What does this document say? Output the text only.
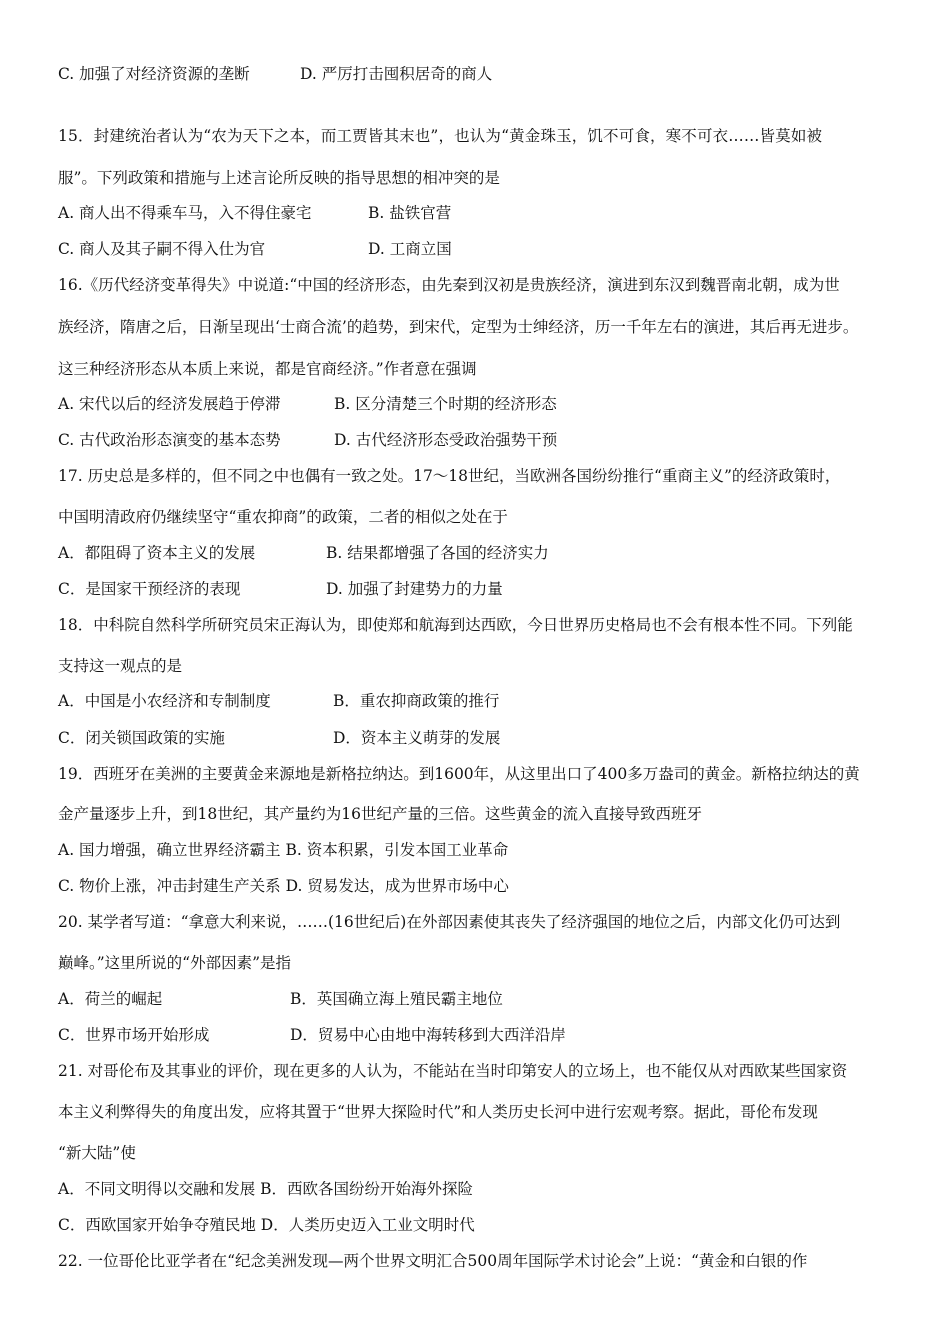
C. 加强了对经济资源的垄断	D. 严厉打击囤积居奇的商人
15．封建统治者认为“农为天下之本，而工贾皆其末也”，也认为“黄金珠玉，饥不可食，寒不可衣……皆莫如被
服”。下列政策和措施与上述言论所反映的指导思想的相冲突的是
A. 商人出不得乘车马，入不得住豪宅	B. 盐铁官营
C. 商人及其子嗣不得入仕为官	D. 工商立国
16.《历代经济变革得失》中说道:“中国的经济形态，由先秦到汉初是贵族经济，演进到东汉到魏晋南北朝，成为世
族经济，隋唐之后，日渐呈现出‘士商合流’的趋势，到宋代，定型为士绅经济，历一千年左右的演进，其后再无进步。
这三种经济形态从本质上来说，都是官商经济。”作者意在强调
A. 宋代以后的经济发展趋于停滞	B. 区分清楚三个时期的经济形态
C. 古代政治形态演变的基本态势	D. 古代经济形态受政治强势干预
17. 历史总是多样的，但不同之中也偶有一致之处。17～18世纪，当欧洲各国纷纷推行“重商主义”的经济政策时，
中国明清政府仍继续坚守“重农抑商”的政策，二者的相似之处在于
A．都阻碍了资本主义的发展	B. 结果都增强了各国的经济实力
C．是国家干预经济的表现	D. 加强了封建势力的力量
18．中科院自然科学所研究员宋正海认为，即使郑和航海到达西欧，今日世界历史格局也不会有根本性不同。下列能
支持这一观点的是
A．中国是小农经济和专制制度	B．重农抑商政策的推行
C．闭关锁国政策的实施	D．资本主义萌芽的发展
19．西班牙在美洲的主要黄金来源地是新格拉纳达。到1600年，从这里出口了400多万盎司的黄金。新格拉纳达的黄
金产量逐步上升，到18世纪，其产量约为16世纪产量的三倍。这些黄金的流入直接导致西班牙
A. 国力增强，确立世界经济霸主 B. 资本积累，引发本国工业革命
C. 物价上涨，冲击封建生产关系 D. 贸易发达，成为世界市场中心
20. 某学者写道：“拿意大利来说，……(16世纪后)在外部因素使其丧失了经济强国的地位之后，内部文化仍可达到
巅峰。”这里所说的“外部因素”是指
A．荷兰的崛起	B．英国确立海上殖民霸主地位
C．世界市场开始形成	D．贸易中心由地中海转移到大西洋沿岸
21. 对哥伦布及其事业的评价，现在更多的人认为，不能站在当时印第安人的立场上，也不能仅从对西欧某些国家资
本主义利弊得失的角度出发，应将其置于“世界大探险时代”和人类历史长河中进行宏观考察。据此，哥伦布发现
“新大陆”使
A．不同文明得以交融和发展 B．西欧各国纷纷开始海外探险
C．西欧国家开始争夺殖民地 D．人类历史迈入工业文明时代
22. 一位哥伦比亚学者在“纪念美洲发现—两个世界文明汇合500周年国际学术讨论会”上说：“黄金和白银的作
